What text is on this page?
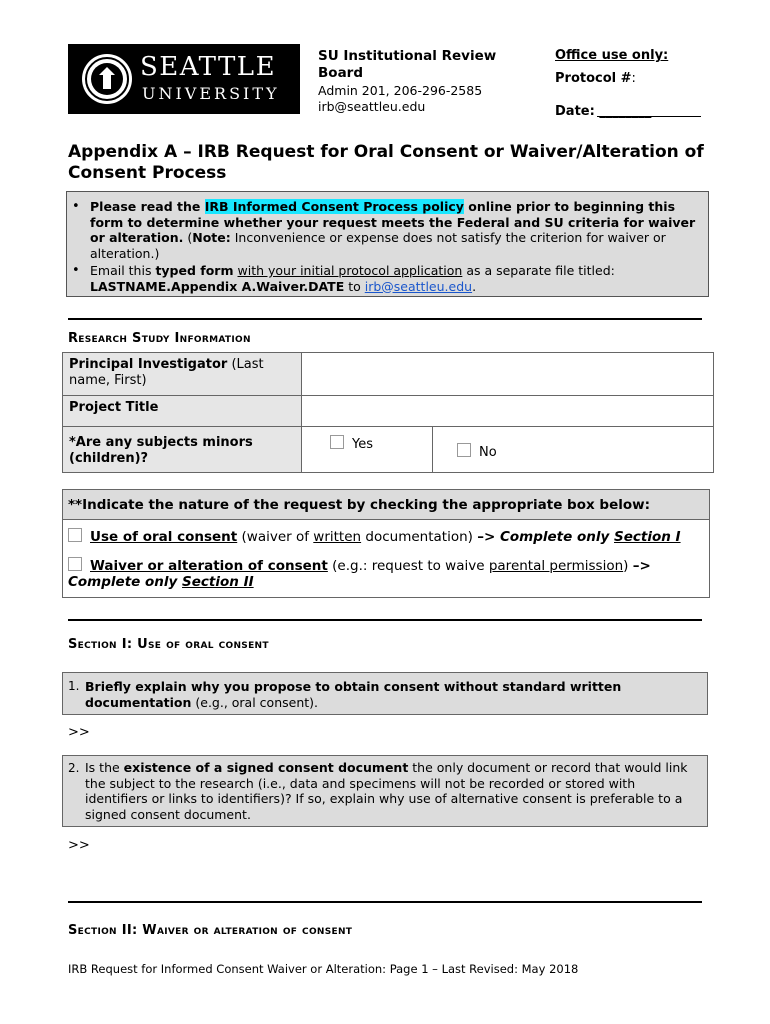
SEATTLE
UNIVERSITY
SU Institutional Review Board
Admin 201, 206-296-2585
irb@seattleu.edu
Office use only:
Protocol #:
Date: ________
Appendix A – IRB Request for Oral Consent or Waiver/Alteration of Consent Process
• Please read the IRB Informed Consent Process policy online prior to beginning this form to determine whether your request meets the Federal and SU criteria for waiver or alteration. (Note: Inconvenience or expense does not satisfy the criterion for waiver or alteration.)
• Email this typed form with your initial protocol application as a separate file titled: LASTNAME.Appendix A.Waiver.DATE to irb@seattleu.edu.
Research Study Information
Principal Investigator (Last name, First)		
Project Title		
*Are any subjects minors (children)?	Yes	No
**Indicate the nature of the request by checking the appropriate box below:
Use of oral consent (waiver of written documentation) –> Complete only Section I
Waiver or alteration of consent (e.g.: request to waive parental permission) –>
Complete only Section II
Section I: Use of oral consent
1. Briefly explain why you propose to obtain consent without standard written documentation (e.g., oral consent).
>>
2. Is the existence of a signed consent document the only document or record that would link the subject to the research (i.e., data and specimens will not be recorded or stored with identifiers or links to identifiers)? If so, explain why use of alternative consent is preferable to a signed consent document.
>>
Section II: Waiver or alteration of consent
IRB Request for Informed Consent Waiver or Alteration: Page 1 – Last Revised: May 2018
